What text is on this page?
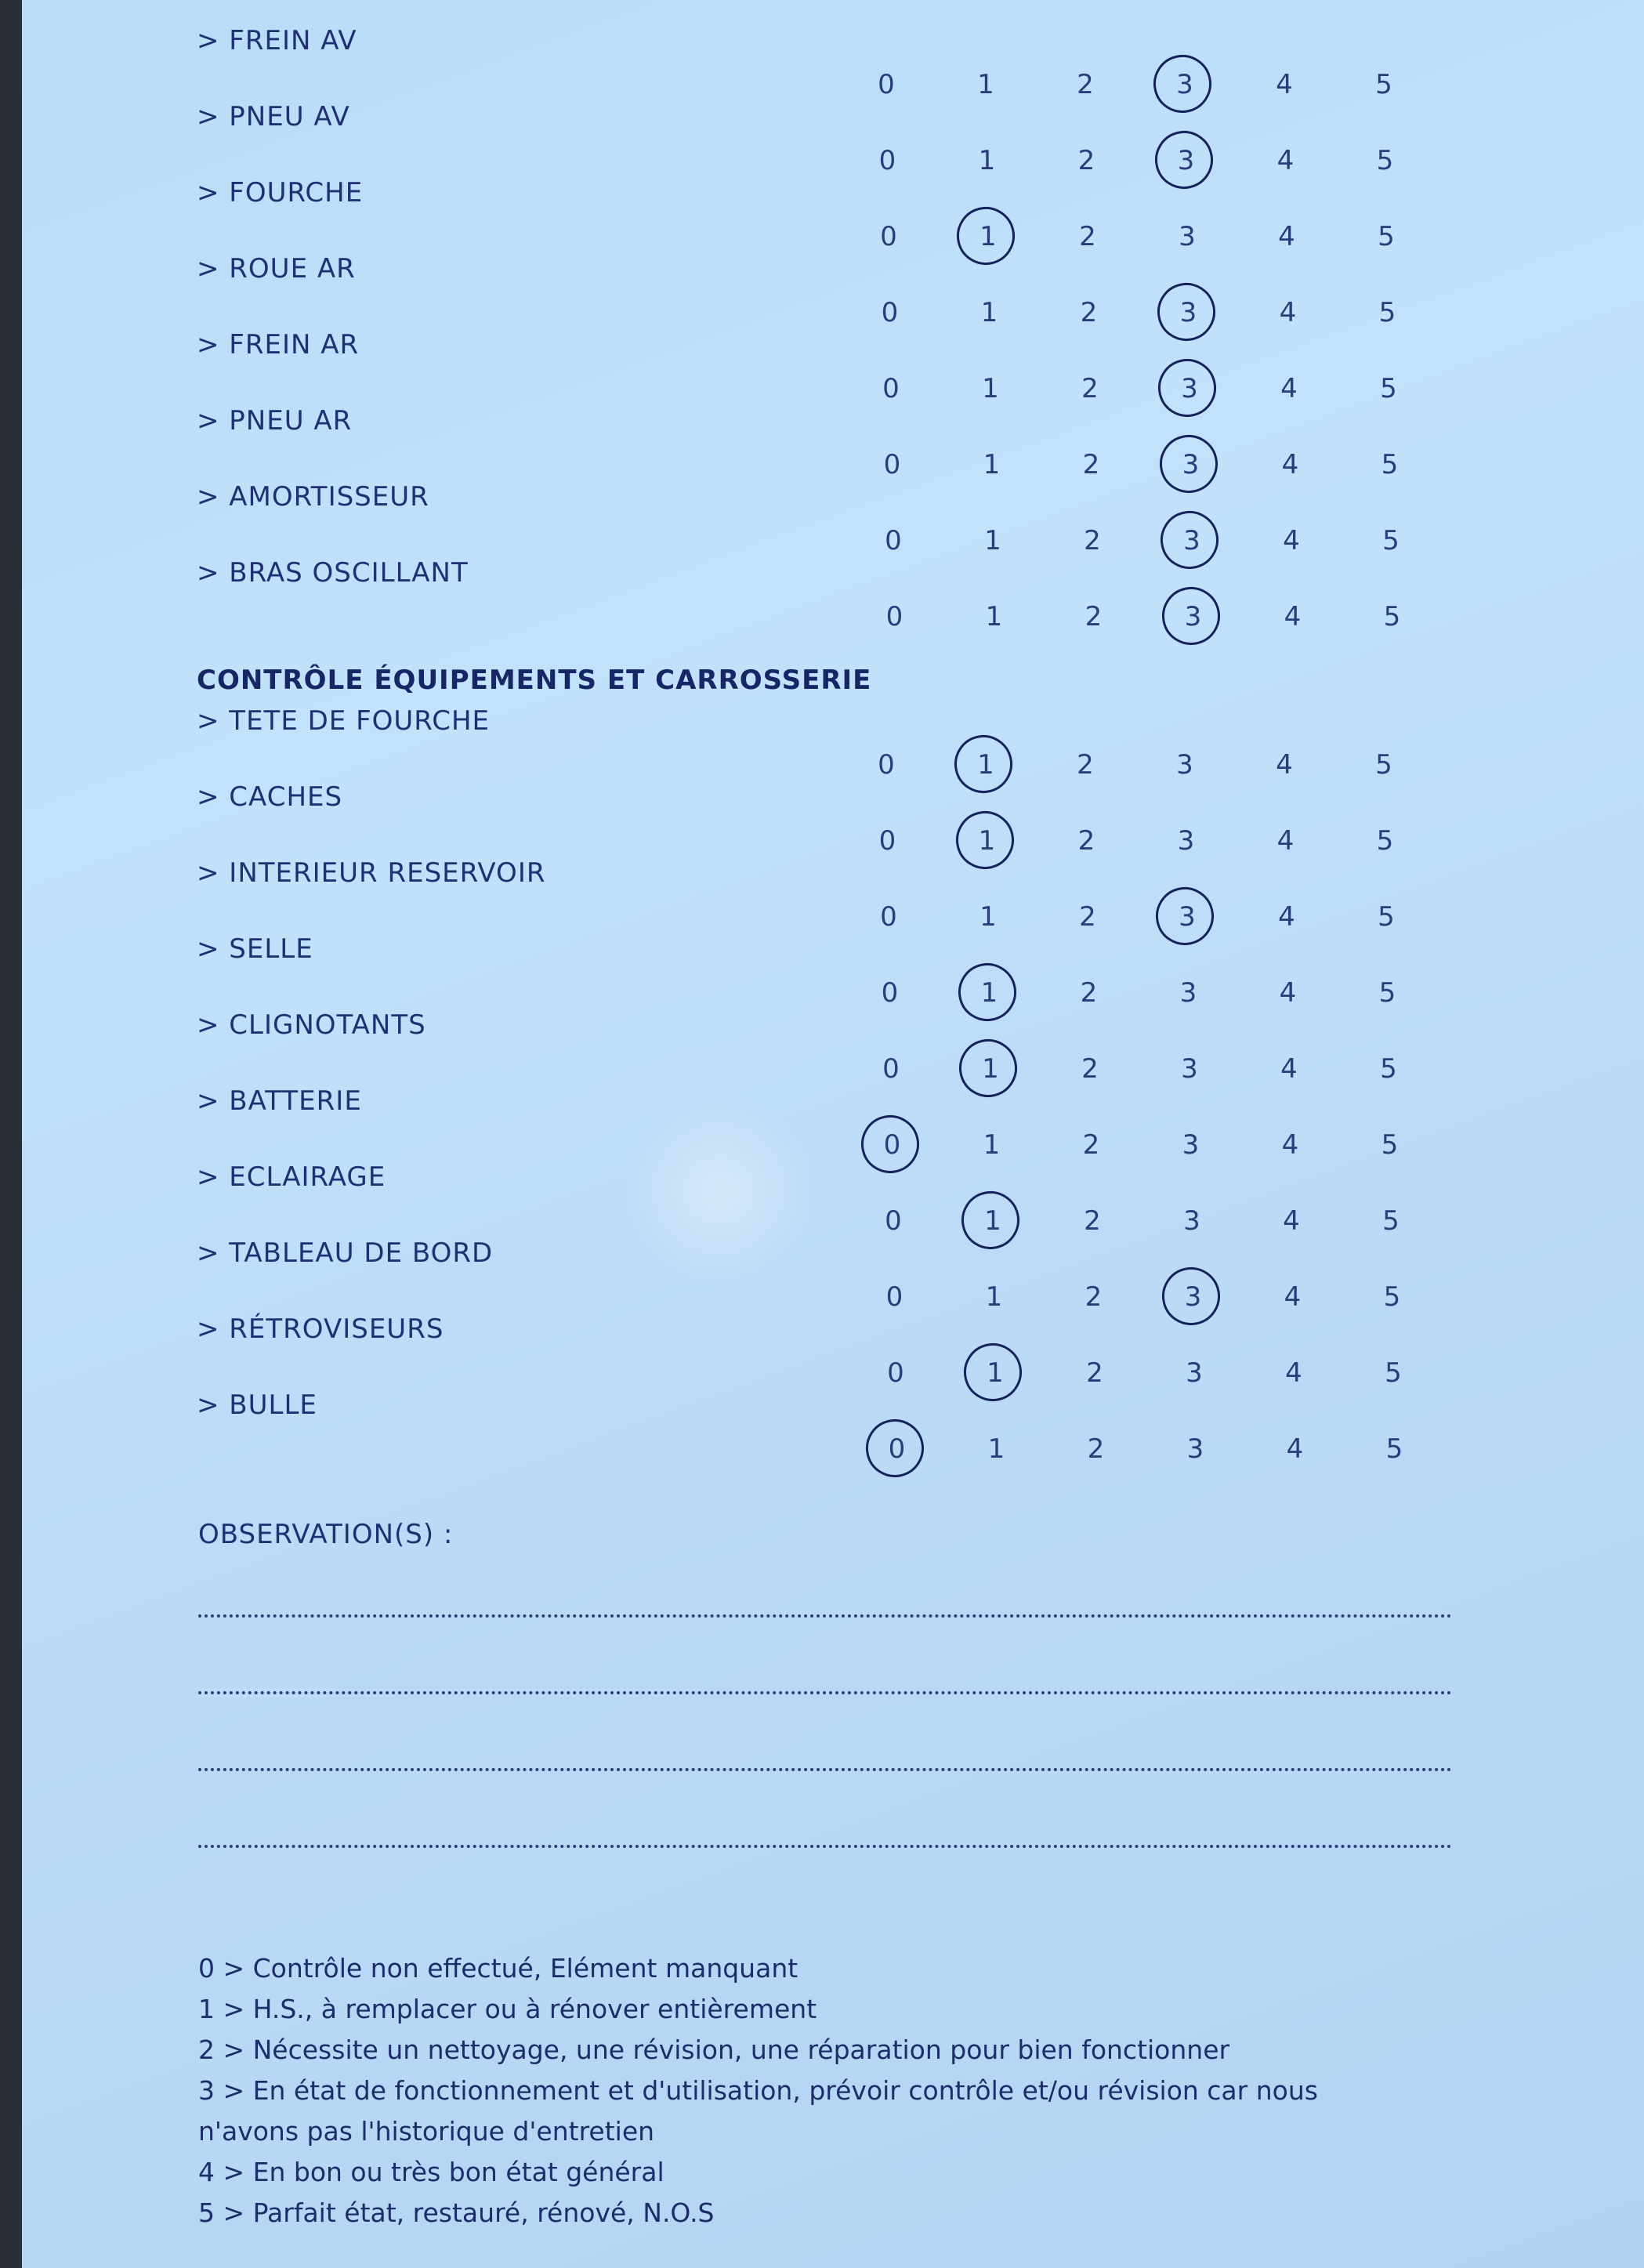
> FREIN AV
0	1	2	3	4	5
> PNEU AV
0	1	2	3	4	5
> FOURCHE
0	1	2	3	4	5
> ROUE AR
0	1	2	3	4	5
> FREIN AR
0	1	2	3	4	5
> PNEU AR
0	1	2	3	4	5
> AMORTISSEUR
0	1	2	3	4	5
> BRAS OSCILLANT
0	1	2	3	4	5
CONTRÔLE ÉQUIPEMENTS ET CARROSSERIE
> TETE DE FOURCHE
0	1	2	3	4	5
> CACHES
0	1	2	3	4	5
> INTERIEUR RESERVOIR
0	1	2	3	4	5
> SELLE
0	1	2	3	4	5
> CLIGNOTANTS
0	1	2	3	4	5
> BATTERIE
0	1	2	3	4	5
> ECLAIRAGE
0	1	2	3	4	5
> TABLEAU DE BORD
0	1	2	3	4	5
> RÉTROVISEURS
0	1	2	3	4	5
> BULLE
0	1	2	3	4	5
OBSERVATION(S) :
0 > Contrôle non effectué, Elément manquant
1 > H.S., à remplacer ou à rénover entièrement
2 > Nécessite un nettoyage, une révision, une réparation pour bien fonctionner
3 > En état de fonctionnement et d'utilisation, prévoir contrôle et/ou révision car nous
n'avons pas l'historique d'entretien
4 > En bon ou très bon état général
5 > Parfait état, restauré, rénové, N.O.S
